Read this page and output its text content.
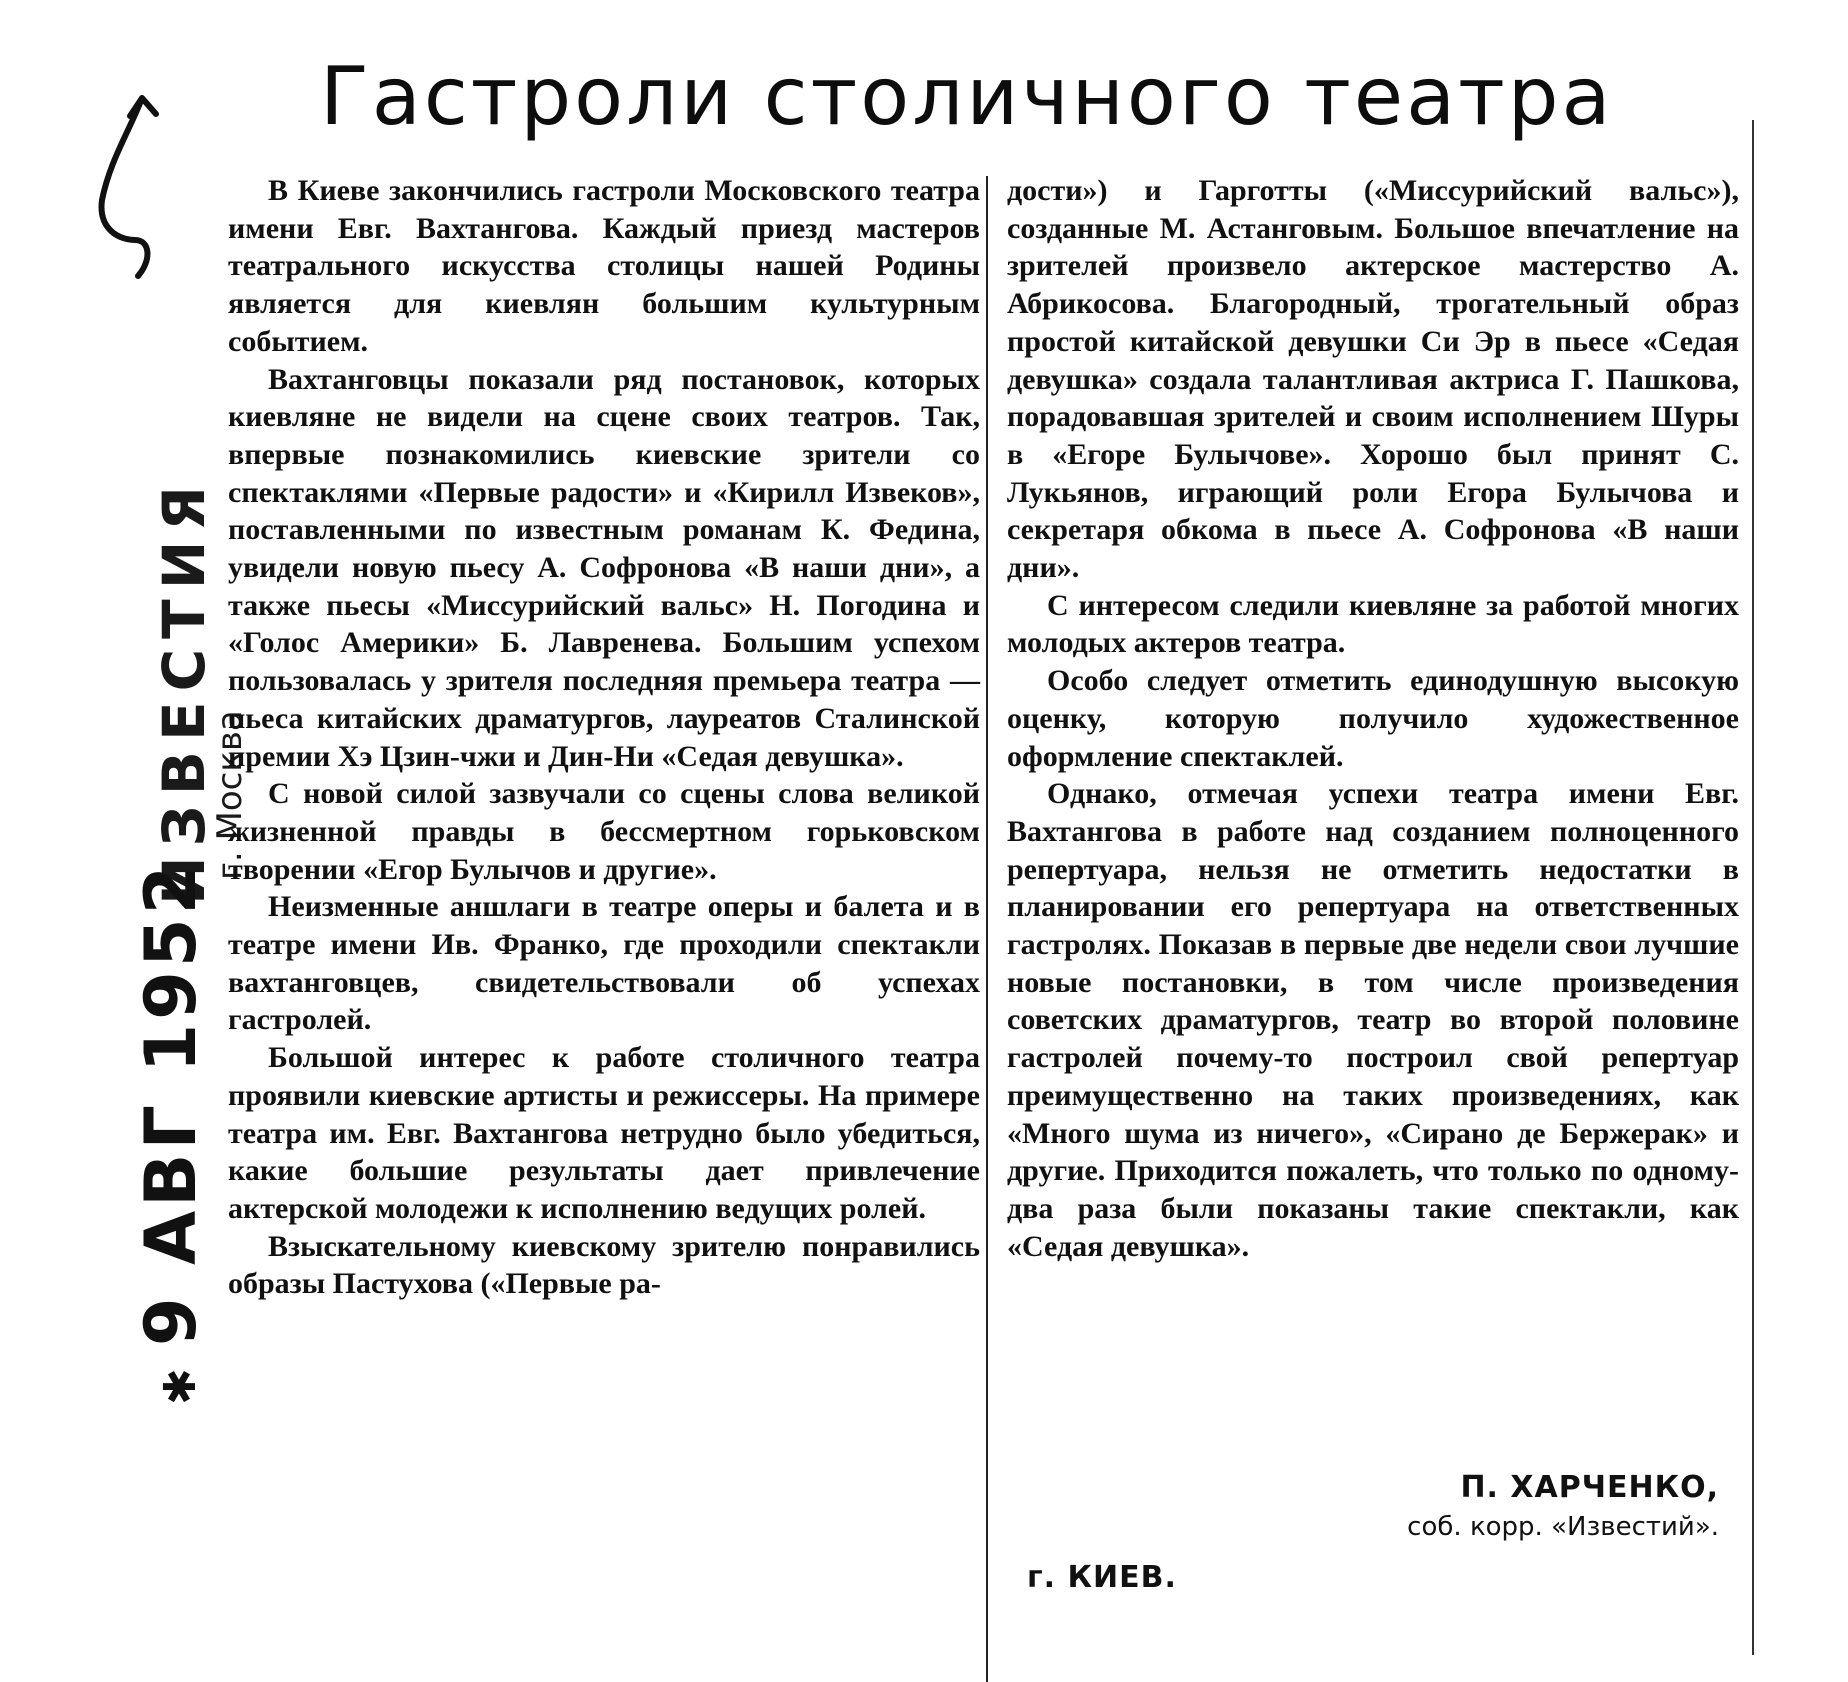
Гастроли столичного театра
ИЗВЕСТИЯ
г. Москва
✱ 9 АВГ 1952

В Киеве закончились гастроли Московского театра имени Евг. Вахтангова. Каждый приезд мастеров театрального искусства столицы нашей Родины является для киевлян большим культурным событием.

Вахтанговцы показали ряд постановок, которых киевляне не видели на сцене своих театров. Так, впервые познакомились киевские зрители со спектаклями «Первые радости» и «Кирилл Извеков», поставленными по известным романам К. Федина, увидели новую пьесу А. Софронова «В наши дни», а также пьесы «Миссурийский вальс» Н. Погодина и «Голос Америки» Б. Лавренева. Большим успехом пользовалась у зрителя последняя премьера театра — пьеса китайских драматургов, лауреатов Сталинской премии Хэ Цзин-чжи и Дин-Ни «Седая девушка».

С новой силой зазвучали со сцены слова великой жизненной правды в бессмертном горьковском творении «Егор Булычов и другие».

Неизменные аншлаги в театре оперы и балета и в театре имени Ив. Франко, где проходили спектакли вахтанговцев, свидетельствовали об успехах гастролей.

Большой интерес к работе столичного театра проявили киевские артисты и режиссеры. На примере театра им. Евг. Вахтангова нетрудно было убедиться, какие большие результаты дает привлечение актерской молодежи к исполнению ведущих ролей.

Взыскательному киевскому зрителю понравились образы Пастухова («Первые ра-

дости») и Гарготты («Миссурийский вальс»), созданные М. Астанговым. Большое впечатление на зрителей произвело актерское мастерство А. Абрикосова. Благородный, трогательный образ простой китайской девушки Си Эр в пьесе «Седая девушка» создала талантливая актриса Г. Пашкова, порадовавшая зрителей и своим исполнением Шуры в «Егоре Булычове». Хорошо был принят С. Лукьянов, играющий роли Егора Булычова и секретаря обкома в пьесе А. Софронова «В наши дни».

С интересом следили киевляне за работой многих молодых актеров театра.

Особо следует отметить единодушную высокую оценку, которую получило художественное оформление спектаклей.

Однако, отмечая успехи театра имени Евг. Вахтангова в работе над созданием полноценного репертуара, нельзя не отметить недостатки в планировании его репертуара на ответственных гастролях. Показав в первые две недели свои лучшие новые постановки, в том числе произведения советских драматургов, театр во второй половине гастролей почему-то построил свой репертуар преимущественно на таких произведениях, как «Много шума из ничего», «Сирано де Бержерак» и другие. Приходится пожалеть, что только по одному-два раза были показаны такие спектакли, как «Седая девушка».

П. ХАРЧЕНКО,
соб. корр. «Известий».
г. КИЕВ.
